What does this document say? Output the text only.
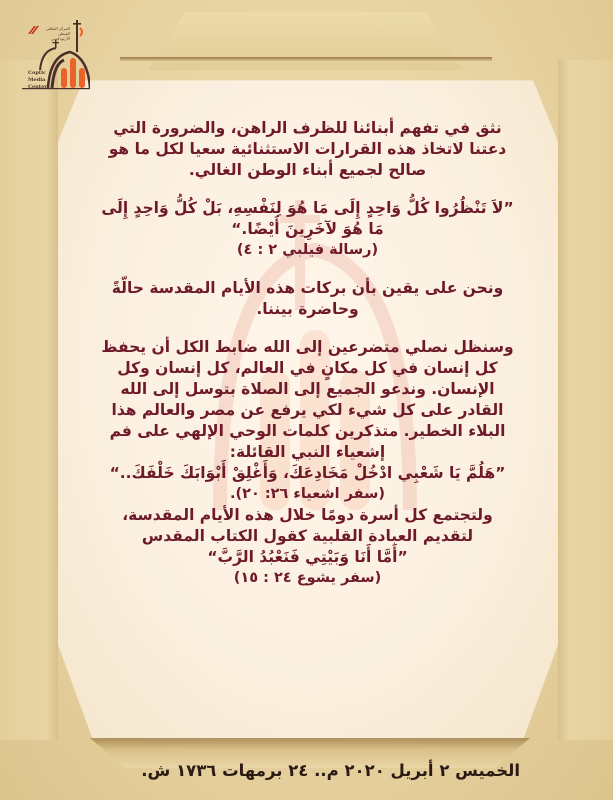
المركز الثقافي
القبطي الأرثوذكسي
Coptic
Media
Center
نثق في تفهم أبنائنا للظرف الراهن، والضرورة التي
دعتنا لاتخاذ هذه القرارات الاستثنائية سعيا لكل ما هو
صالح لجميع أبناء الوطن الغالي.
”لاَ تَنْظُرُوا كُلُّ وَاحِدٍ إِلَى مَا هُوَ لِنَفْسِهِ، بَلْ كُلُّ وَاحِدٍ إِلَى
مَا هُوَ لآخَرِينَ أَيْضًا.“
(رسالة فيلبي ٢ : ٤)
ونحن على يقين بأن بركات هذه الأيام المقدسة حالّةً
وحاضرة بيننا.
وسنظل نصلي متضرعين إلى الله ضابط الكل أن يحفظ
كل إنسان في كل مكانٍ في العالم، كل إنسان وكل
الإنسان. وندعو الجميع إلى الصلاة بتوسل إلى الله
القادر على كل شيء لكي يرفع عن مصر والعالم هذا
البلاء الخطير. متذكرين كلمات الوحي الإلهي على فم
إشعياء النبي القائلة:
”هَلُمَّ يَا شَعْبِي ادْخُلْ مَخَادِعَكَ، وَأَغْلِقْ أَبْوَابَكَ خَلْفَكَ..“
(سفر اشعياء ٢٦: ٢٠).
ولتجتمع كل أسرة دومًا خلال هذه الأيام المقدسة،
لتقديم العبادة القلبية كقول الكتاب المقدس
”أَمَّا أَنَا وَبَيْتِي فَنَعْبُدُ الرَّبَّ“
(سفر يشوع ٢٤ : ١٥)
الخميس ٢ أبريل ٢٠٢٠ م.. ٢٤ برمهات ١٧٣٦ ش.
